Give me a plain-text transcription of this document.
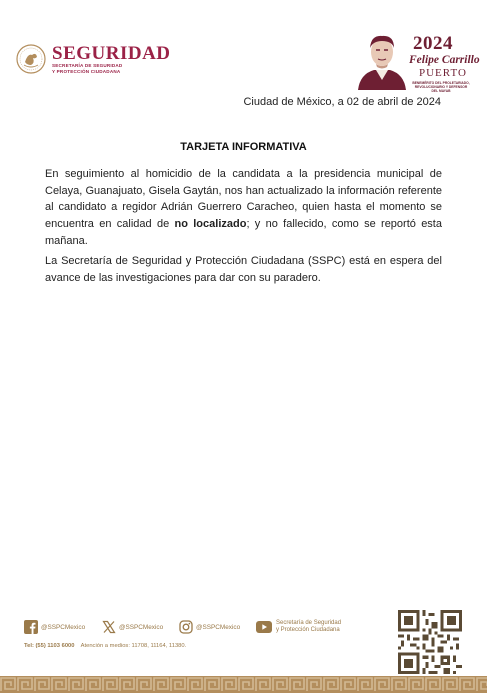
SEGURIDAD
SECRETARÍA DE SEGURIDAD
Y PROTECCIÓN CIUDADANA
2024
Felipe Carrillo
PUERTO
BENEMÉRITO DEL PROLETARIADO,
REVOLUCIONARIO Y DEFENSOR
DEL MAYAB
Ciudad de México, a 02 de abril de 2024
TARJETA INFORMATIVA
En seguimiento al homicidio de la candidata a la presidencia municipal de Celaya, Guanajuato, Gisela Gaytán, nos han actualizado la información referente al candidato a regidor Adrián Guerrero Caracheo, quien hasta el momento se encuentra en calidad de no localizado; y no fallecido, como se reportó esta mañana.
La Secretaría de Seguridad y Protección Ciudadana (SSPC) está en espera del avance de las investigaciones para dar con su paradero.
@SSPCMexico	@SSPCMexico	@SSPCMexico
Secretaría de Seguridad
y Protección Ciudadana
Tel: (55) 1103 6000 Atención a medios: 11708, 11164, 11380.
